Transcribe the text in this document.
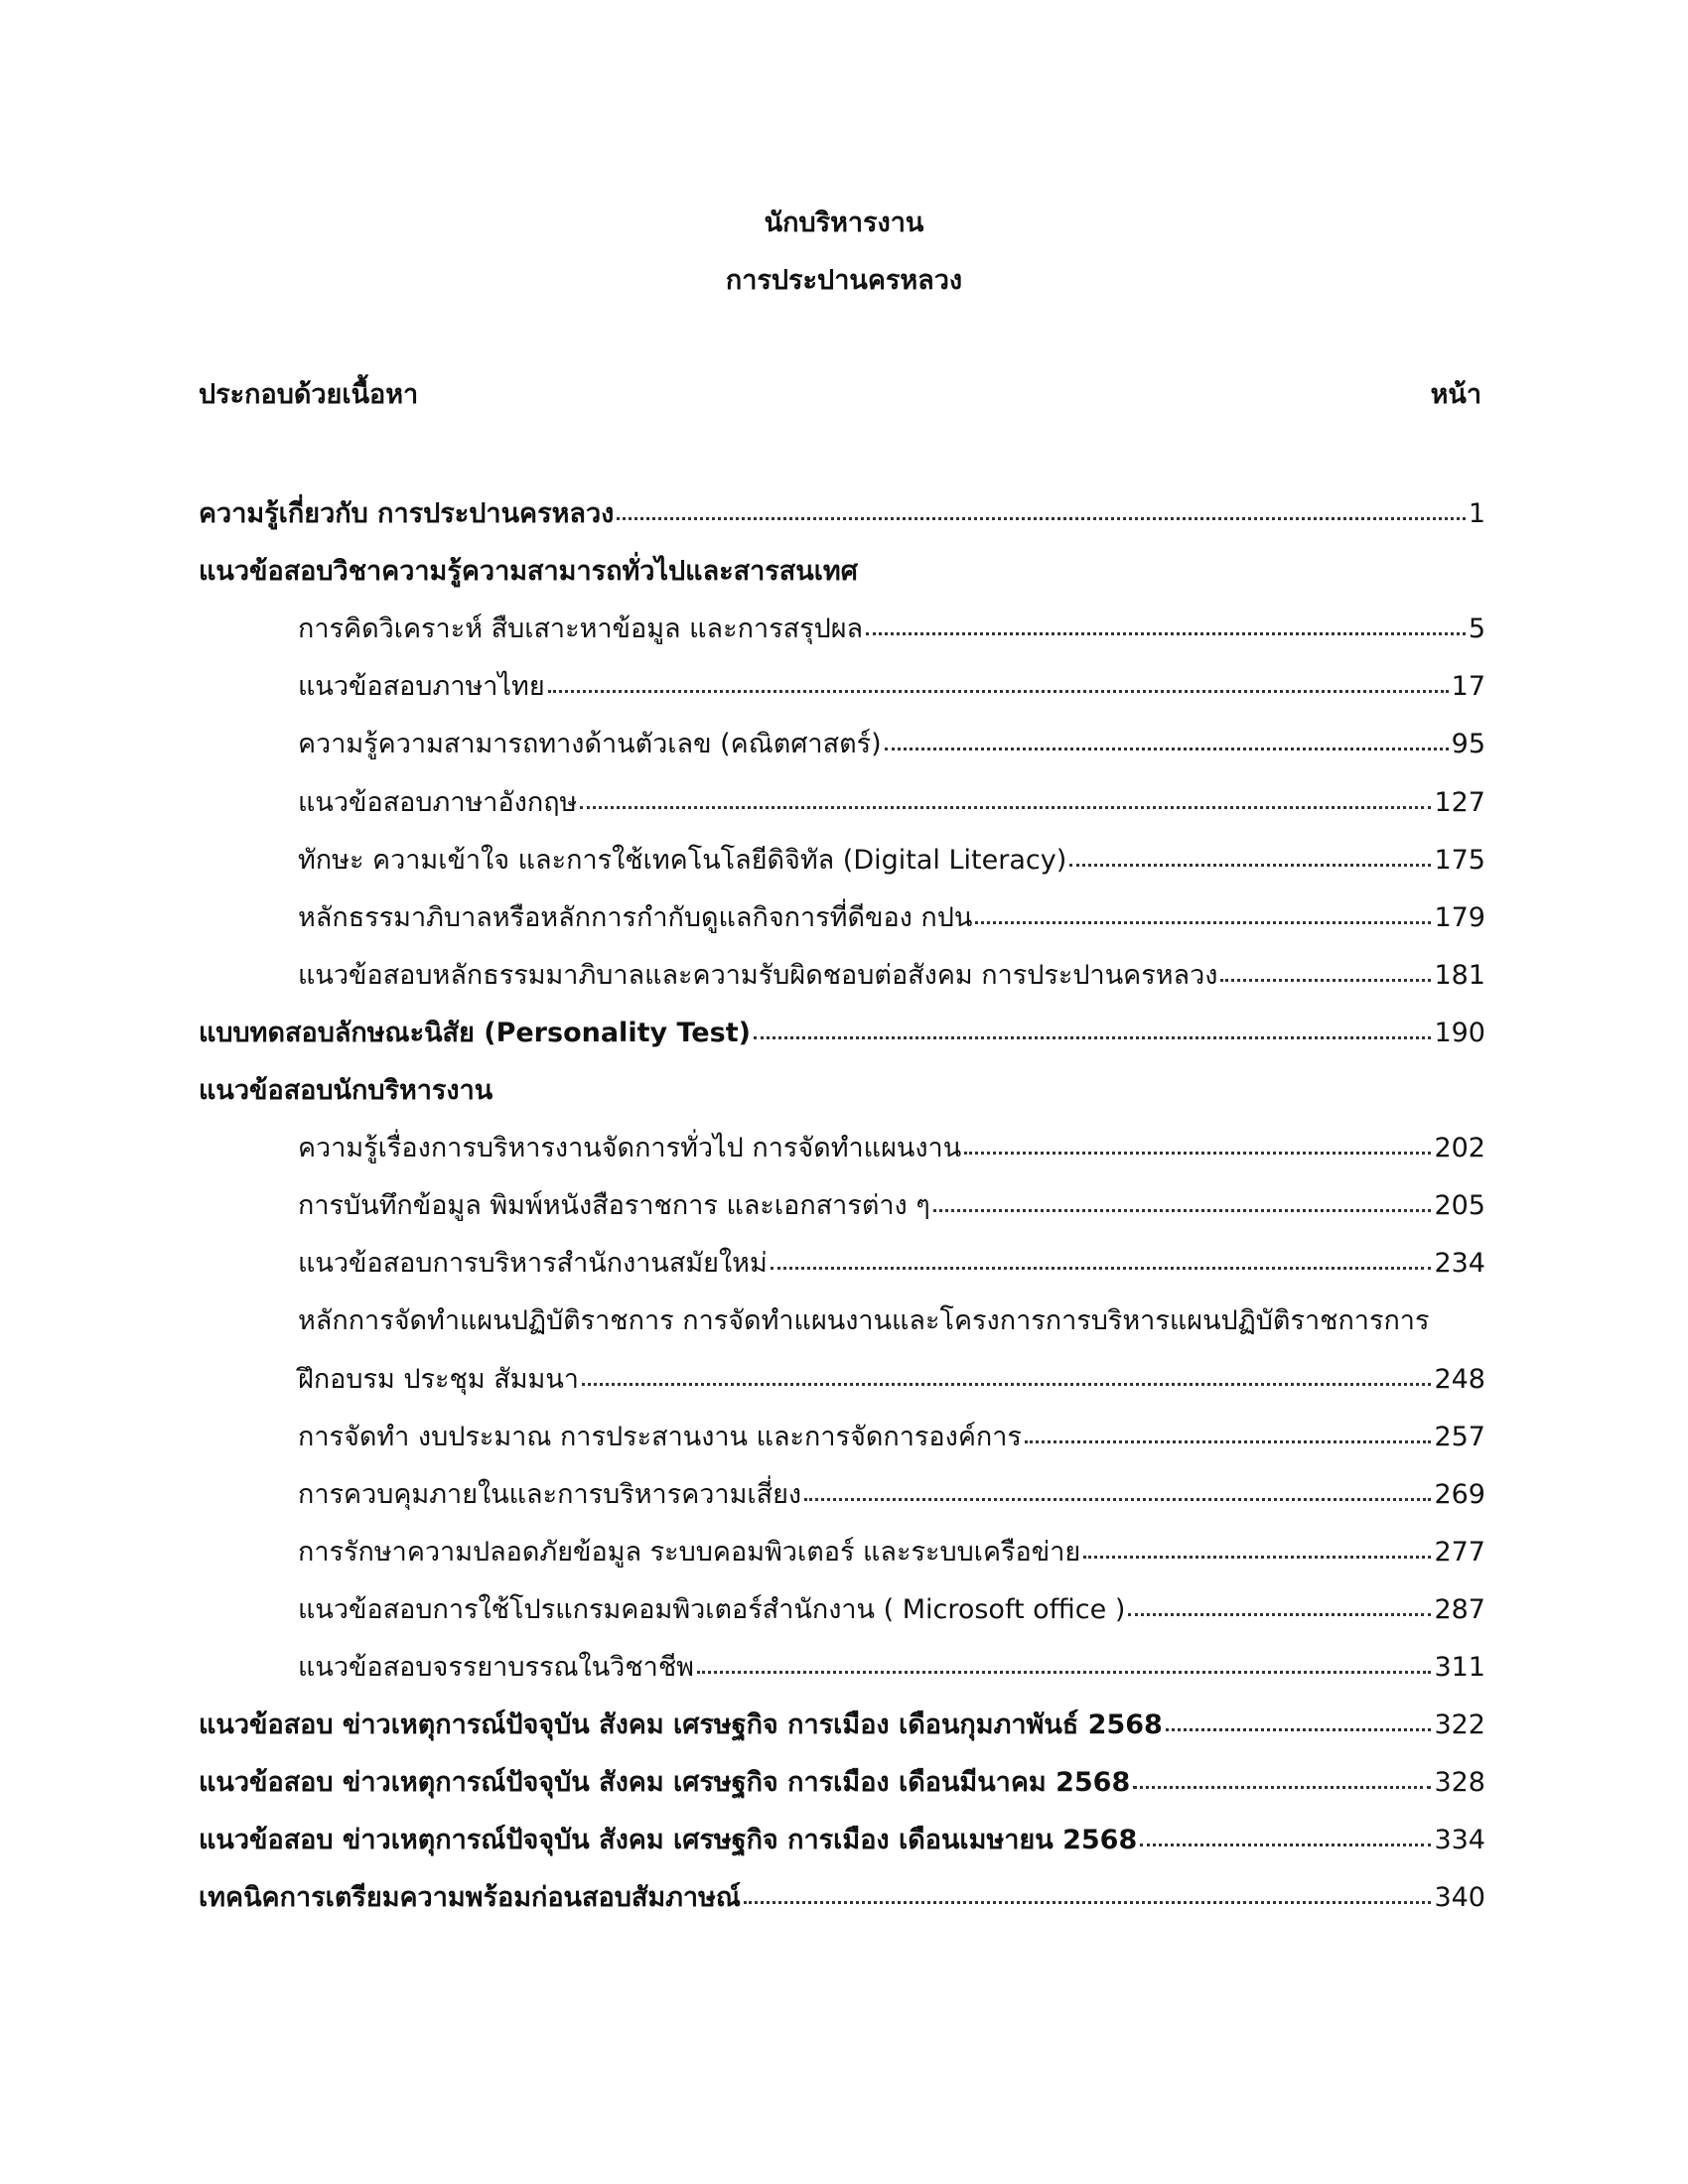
นักบริหารงาน
การประปานครหลวง
ประกอบด้วยเนื้อหา	หน้า
ความรู้เกี่ยวกับ การประปานครหลวง	1
แนวข้อสอบวิชาความรู้ความสามารถทั่วไปและสารสนเทศ
การคิดวิเคราะห์ สืบเสาะหาข้อมูล และการสรุปผล	5
แนวข้อสอบภาษาไทย	17
ความรู้ความสามารถทางด้านตัวเลข (คณิตศาสตร์)	95
แนวข้อสอบภาษาอังกฤษ	127
ทักษะ ความเข้าใจ และการใช้เทคโนโลยีดิจิทัล (Digital Literacy)	175
หลักธรรมาภิบาลหรือหลักการกำกับดูแลกิจการที่ดีของ กปน	179
แนวข้อสอบหลักธรรมมาภิบาลและความรับผิดชอบต่อสังคม การประปานครหลวง	181
แบบทดสอบลักษณะนิสัย (Personality Test)	190
แนวข้อสอบนักบริหารงาน
ความรู้เรื่องการบริหารงานจัดการทั่วไป การจัดทำแผนงาน	202
การบันทึกข้อมูล พิมพ์หนังสือราชการ และเอกสารต่าง ๆ	205
แนวข้อสอบการบริหารสำนักงานสมัยใหม่	234
หลักการจัดทำแผนปฏิบัติราชการ การจัดทำแผนงานและโครงการการบริหารแผนปฏิบัติราชการการ
ฝึกอบรม ประชุม สัมมนา	248
การจัดทำ งบประมาณ การประสานงาน และการจัดการองค์การ	257
การควบคุมภายในและการบริหารความเสี่ยง	269
การรักษาความปลอดภัยข้อมูล ระบบคอมพิวเตอร์ และระบบเครือข่าย	277
แนวข้อสอบการใช้โปรแกรมคอมพิวเตอร์สำนักงาน ( Microsoft office )	287
แนวข้อสอบจรรยาบรรณในวิชาชีพ	311
แนวข้อสอบ ข่าวเหตุการณ์ปัจจุบัน สังคม เศรษฐกิจ การเมือง เดือนกุมภาพันธ์ 2568	322
แนวข้อสอบ ข่าวเหตุการณ์ปัจจุบัน สังคม เศรษฐกิจ การเมือง เดือนมีนาคม 2568	328
แนวข้อสอบ ข่าวเหตุการณ์ปัจจุบัน สังคม เศรษฐกิจ การเมือง เดือนเมษายน 2568	334
เทคนิคการเตรียมความพร้อมก่อนสอบสัมภาษณ์	340
